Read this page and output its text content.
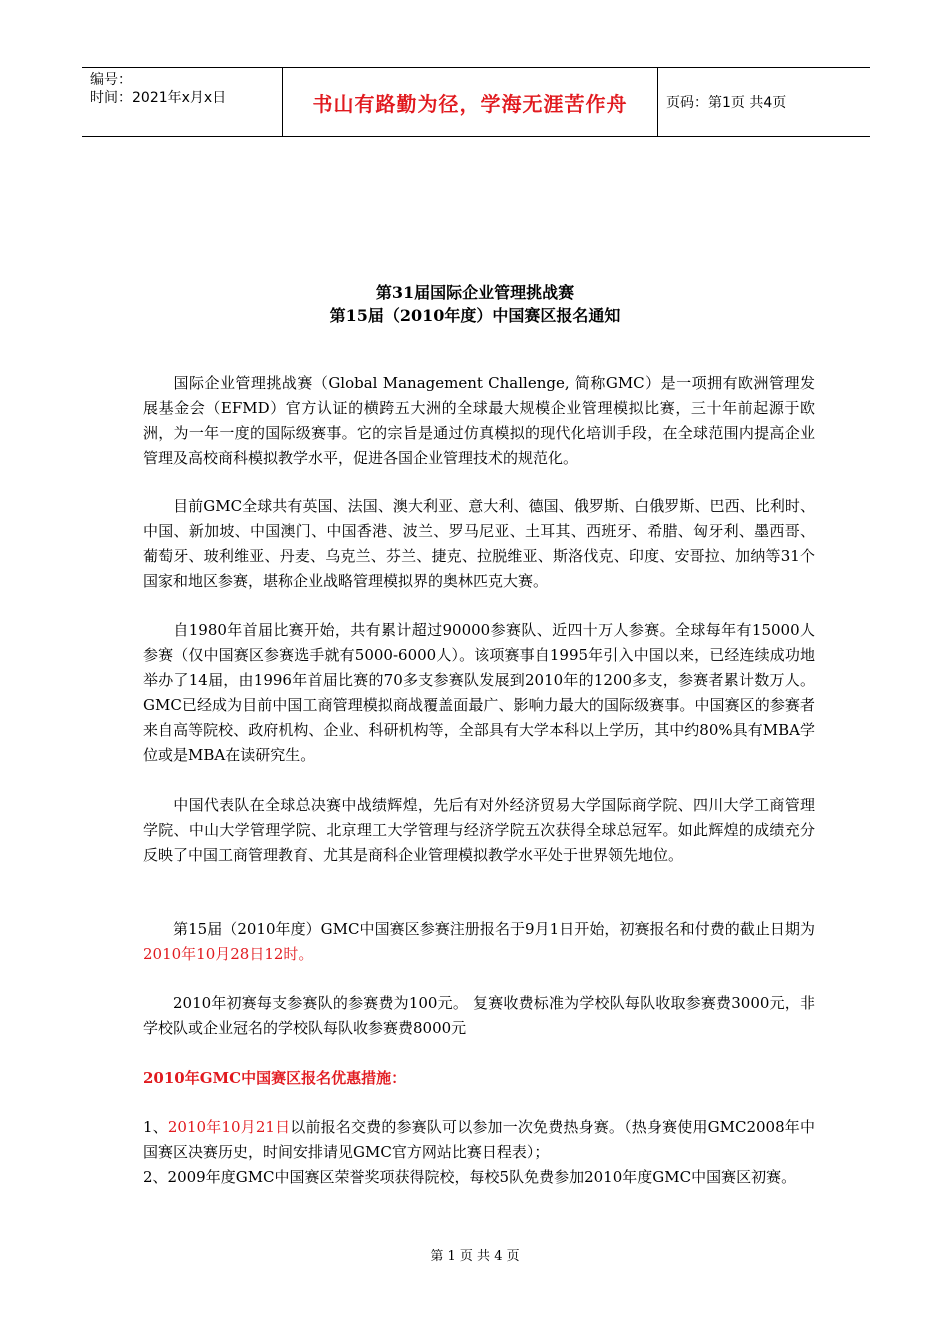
编号：
时间：2021年x月x日	书山有路勤为径，学海无涯苦作舟	页码：第1页 共4页
第31届国际企业管理挑战赛
第15届（2010年度）中国赛区报名通知
国际企业管理挑战赛（Global Management Challenge, 简称GMC）是一项拥有欧洲管理发展基金会（EFMD）官方认证的横跨五大洲的全球最大规模企业管理模拟比赛，三十年前起源于欧洲，为一年一度的国际级赛事。它的宗旨是通过仿真模拟的现代化培训手段，在全球范围内提高企业管理及高校商科模拟教学水平，促进各国企业管理技术的规范化。
目前GMC全球共有英国、法国、澳大利亚、意大利、德国、俄罗斯、白俄罗斯、巴西、比利时、中国、新加坡、中国澳门、中国香港、波兰、罗马尼亚、土耳其、西班牙、希腊、匈牙利、墨西哥、葡萄牙、玻利维亚、丹麦、乌克兰、芬兰、捷克、拉脱维亚、斯洛伐克、印度、安哥拉、加纳等31个国家和地区参赛，堪称企业战略管理模拟界的奥林匹克大赛。
自1980年首届比赛开始，共有累计超过90000参赛队、近四十万人参赛。全球每年有15000人参赛（仅中国赛区参赛选手就有5000-6000人）。该项赛事自1995年引入中国以来，已经连续成功地举办了14届，由1996年首届比赛的70多支参赛队发展到2010年的1200多支，参赛者累计数万人。GMC已经成为目前中国工商管理模拟商战覆盖面最广、影响力最大的国际级赛事。中国赛区的参赛者来自高等院校、政府机构、企业、科研机构等，全部具有大学本科以上学历，其中约80%具有MBA学位或是MBA在读研究生。
中国代表队在全球总决赛中战绩辉煌，先后有对外经济贸易大学国际商学院、四川大学工商管理学院、中山大学管理学院、北京理工大学管理与经济学院五次获得全球总冠军。如此辉煌的成绩充分反映了中国工商管理教育、尤其是商科企业管理模拟教学水平处于世界领先地位。
第15届（2010年度）GMC中国赛区参赛注册报名于9月1日开始，初赛报名和付费的截止日期为2010年10月28日12时。
2010年初赛每支参赛队的参赛费为100元。 复赛收费标准为学校队每队收取参赛费3000元，非学校队或企业冠名的学校队每队收参赛费8000元
2010年GMC中国赛区报名优惠措施：
1、2010年10月21日以前报名交费的参赛队可以参加一次免费热身赛。（热身赛使用GMC2008年中国赛区决赛历史，时间安排请见GMC官方网站比赛日程表）；
2、2009年度GMC中国赛区荣誉奖项获得院校，每校5队免费参加2010年度GMC中国赛区初赛。
第 1 页 共 4 页
